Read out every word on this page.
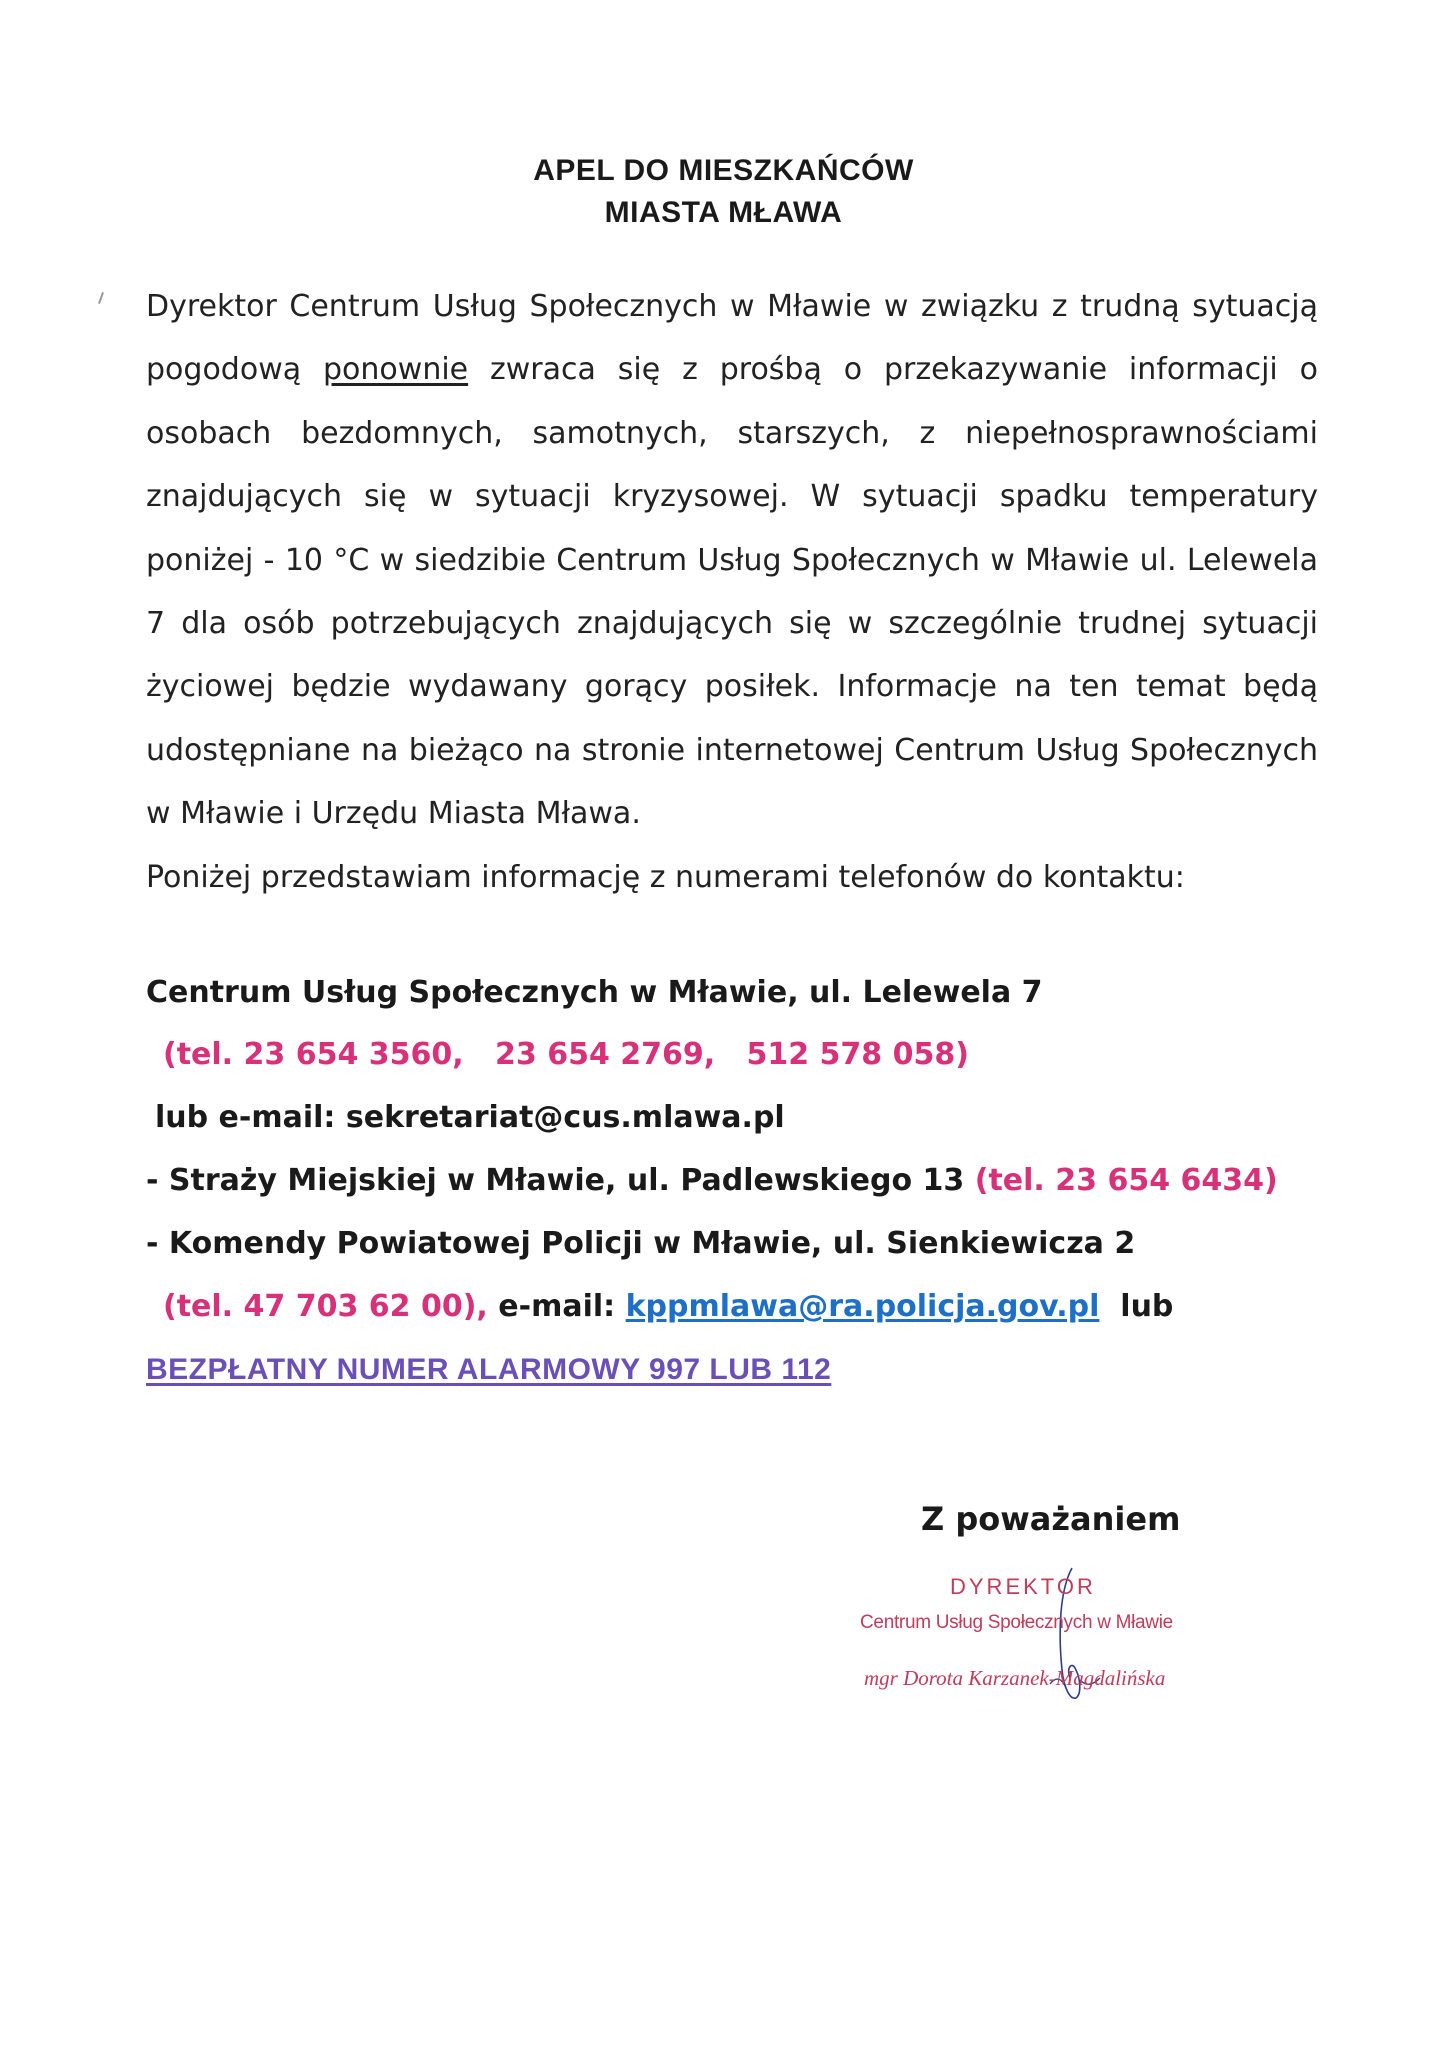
APEL DO MIESZKAŃCÓW
MIASTA MŁAWA

Dyrektor Centrum Usług Społecznych w Mławie w związku z trudną sytuacją pogodową ponownie zwraca się z prośbą o przekazywanie informacji o osobach bezdomnych, samotnych, starszych, z niepełnosprawnościami znajdujących się w sytuacji kryzysowej. W sytuacji spadku temperatury poniżej - 10 °C w siedzibie Centrum Usług Społecznych w Mławie ul. Lelewela 7 dla osób potrzebujących znajdujących się w szczególnie trudnej sytuacji życiowej będzie wydawany gorący posiłek. Informacje na ten temat będą udostępniane na bieżąco na stronie internetowej Centrum Usług Społecznych w Mławie i Urzędu Miasta Mława.

Poniżej przedstawiam informację z numerami telefonów do kontaktu:

Centrum Usług Społecznych w Mławie, ul. Lelewela 7
(tel. 23 654 3560,   23 654 2769,   512 578 058)
lub e-mail: sekretariat@cus.mlawa.pl
- Straży Miejskiej w Mławie, ul. Padlewskiego 13 (tel. 23 654 6434)
- Komendy Powiatowej Policji w Mławie, ul. Sienkiewicza 2
(tel. 47 703 62 00), e-mail: kppmlawa@ra.policja.gov.pl  lub
BEZPŁATNY NUMER ALARMOWY 997 LUB 112
Z poważaniem
DYREKTOR
Centrum Usług Społecznych w Mławie
mgr Dorota Karzanek-Magdalińska
